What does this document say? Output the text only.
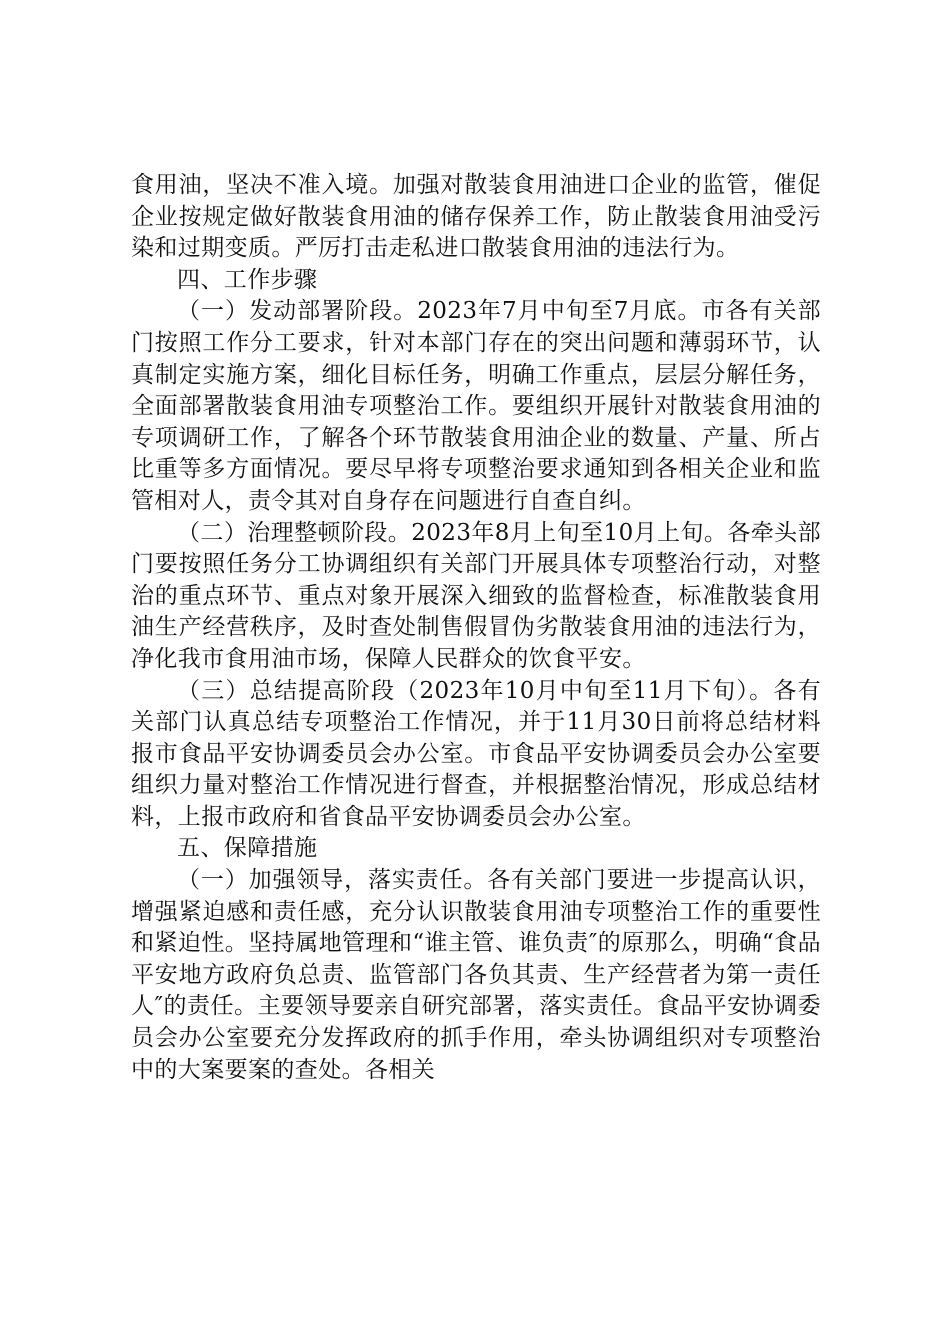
食用油，坚决不准入境。加强对散装食用油进口企业的监管，催促企业按规定做好散装食用油的储存保养工作，防止散装食用油受污染和过期变质。严厉打击走私进口散装食用油的违法行为。

四、工作步骤

（一）发动部署阶段。2023年7月中旬至7月底。市各有关部门按照工作分工要求，针对本部门存在的突出问题和薄弱环节，认真制定实施方案，细化目标任务，明确工作重点，层层分解任务，全面部署散装食用油专项整治工作。要组织开展针对散装食用油的专项调研工作，了解各个环节散装食用油企业的数量、产量、所占比重等多方面情况。要尽早将专项整治要求通知到各相关企业和监管相对人，责令其对自身存在问题进行自查自纠。

（二）治理整顿阶段。2023年8月上旬至10月上旬。各牵头部门要按照任务分工协调组织有关部门开展具体专项整治行动，对整治的重点环节、重点对象开展深入细致的监督检查，标准散装食用油生产经营秩序，及时查处制售假冒伪劣散装食用油的违法行为，净化我市食用油市场，保障人民群众的饮食平安。

（三）总结提高阶段（2023年10月中旬至11月下旬）。各有关部门认真总结专项整治工作情况，并于11月30日前将总结材料报市食品平安协调委员会办公室。市食品平安协调委员会办公室要组织力量对整治工作情况进行督查，并根据整治情况，形成总结材料，上报市政府和省食品平安协调委员会办公室。

五、保障措施

（一）加强领导，落实责任。各有关部门要进一步提高认识，增强紧迫感和责任感，充分认识散装食用油专项整治工作的重要性和紧迫性。坚持属地管理和“谁主管、谁负责″的原那么，明确“食品平安地方政府负总责、监管部门各负其责、生产经营者为第一责任人″的责任。主要领导要亲自研究部署，落实责任。食品平安协调委员会办公室要充分发挥政府的抓手作用，牵头协调组织对专项整治中的大案要案的查处。各相关
